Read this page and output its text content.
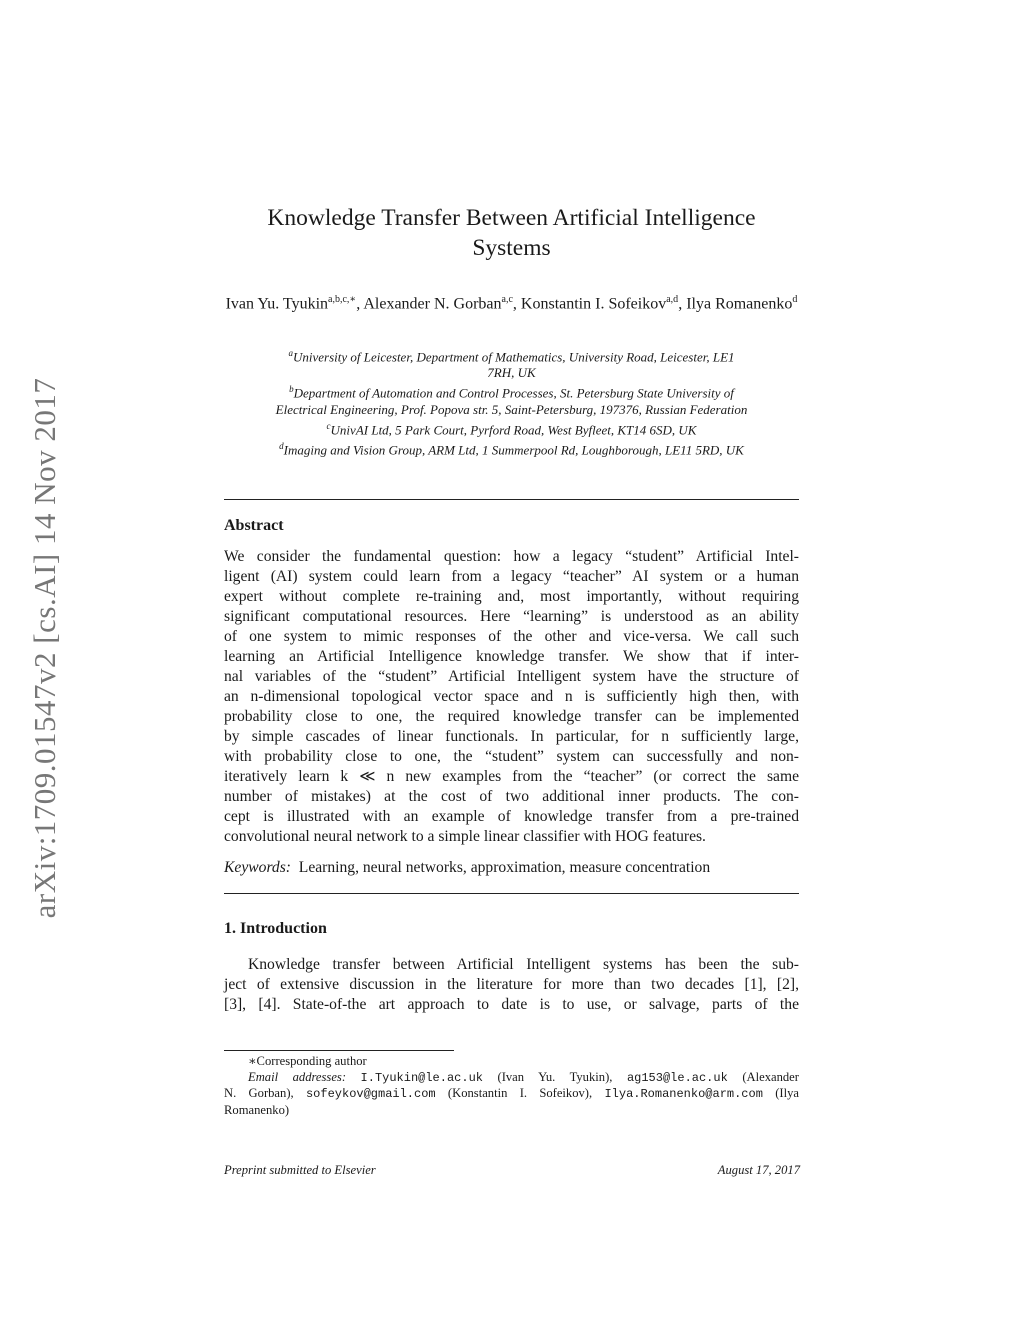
arXiv:1709.01547v2 [cs.AI] 14 Nov 2017
Knowledge Transfer Between Artificial Intelligence
Systems
Ivan Yu. Tyukin$^{a,b,c,∗}$, Alexander N. Gorban$^{a,c}$, Konstantin I. Sofeikov$^{a,d}$, Ilya Romanenko$^d$
$^a$University of Leicester, Department of Mathematics, University Road, Leicester, LE1
7RH, UK
$^b$Department of Automation and Control Processes, St. Petersburg State University of
Electrical Engineering, Prof. Popova str. 5, Saint-Petersburg, 197376, Russian Federation
$^c$UnivAI Ltd, 5 Park Court, Pyrford Road, West Byfleet, KT14 6SD, UK
$^d$Imaging and Vision Group, ARM Ltd, 1 Summerpool Rd, Loughborough, LE11 5RD, UK
Abstract
We consider the fundamental question: how a legacy “student” Artificial Intel-
ligent (AI) system could learn from a legacy “teacher” AI system or a human
expert without complete re-training and, most importantly, without requiring
significant computational resources. Here “learning” is understood as an ability
of one system to mimic responses of the other and vice-versa. We call such
learning an Artificial Intelligence knowledge transfer. We show that if inter-
nal variables of the “student” Artificial Intelligent system have the structure of
an n-dimensional topological vector space and n is sufficiently high then, with
probability close to one, the required knowledge transfer can be implemented
by simple cascades of linear functionals. In particular, for n sufficiently large,
with probability close to one, the “student” system can successfully and non-
iteratively learn k ≪ n new examples from the “teacher” (or correct the same
number of mistakes) at the cost of two additional inner products. The con-
cept is illustrated with an example of knowledge transfer from a pre-trained
convolutional neural network to a simple linear classifier with HOG features.
Keywords: Learning, neural networks, approximation, measure concentration
1. Introduction
Knowledge transfer between Artificial Intelligent systems has been the sub-
ject of extensive discussion in the literature for more than two decades [1], [2],
[3], [4]. State-of-the art approach to date is to use, or salvage, parts of the
∗Corresponding author
Email addresses: I.Tyukin@le.ac.uk (Ivan Yu. Tyukin), ag153@le.ac.uk (Alexander
N. Gorban), sofeykov@gmail.com (Konstantin I. Sofeikov), Ilya.Romanenko@arm.com (Ilya
Romanenko)
Preprint submitted to Elsevier	August 17, 2017
